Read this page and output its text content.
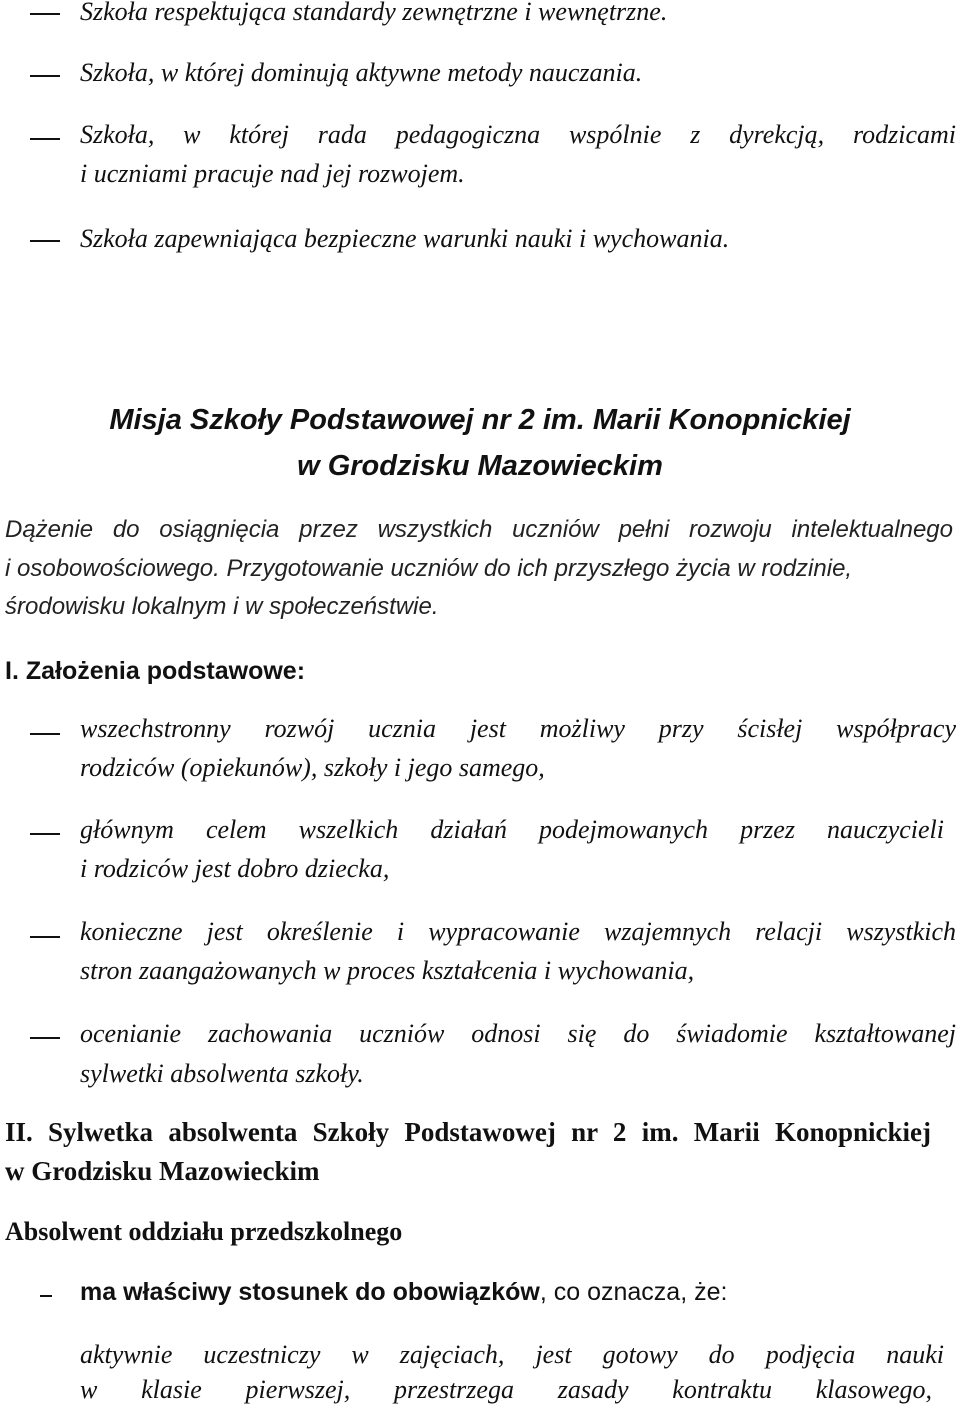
Szkoła respektująca standardy zewnętrzne i wewnętrzne.
Szkoła, w której dominują aktywne metody nauczania.
Szkoła, w której rada pedagogiczna wspólnie z dyrekcją, rodzicami
i uczniami pracuje nad jej rozwojem.
Szkoła zapewniająca bezpieczne warunki nauki i wychowania.
Misja Szkoły Podstawowej nr 2 im. Marii Konopnickiej
w Grodzisku Mazowieckim
Dążenie do osiągnięcia przez wszystkich uczniów pełni rozwoju intelektualnego
i osobowościowego. Przygotowanie uczniów do ich przyszłego życia w rodzinie,
środowisku lokalnym i w społeczeństwie.
I. Założenia podstawowe:
wszechstronny rozwój ucznia jest możliwy przy ścisłej współpracy
rodziców (opiekunów), szkoły i jego samego,
głównym celem wszelkich działań podejmowanych przez nauczycieli
i rodziców jest dobro dziecka,
konieczne jest określenie i wypracowanie wzajemnych relacji wszystkich
stron zaangażowanych w proces kształcenia i wychowania,
ocenianie zachowania uczniów odnosi się do świadomie kształtowanej
sylwetki absolwenta szkoły.
II. Sylwetka absolwenta Szkoły Podstawowej nr 2 im. Marii Konopnickiej
w Grodzisku Mazowieckim
Absolwent oddziału przedszkolnego
ma właściwy stosunek do obowiązków, co oznacza, że:
aktywnie uczestniczy w zajęciach, jest gotowy do podjęcia nauki
w klasie pierwszej, przestrzega zasady kontraktu klasowego,
